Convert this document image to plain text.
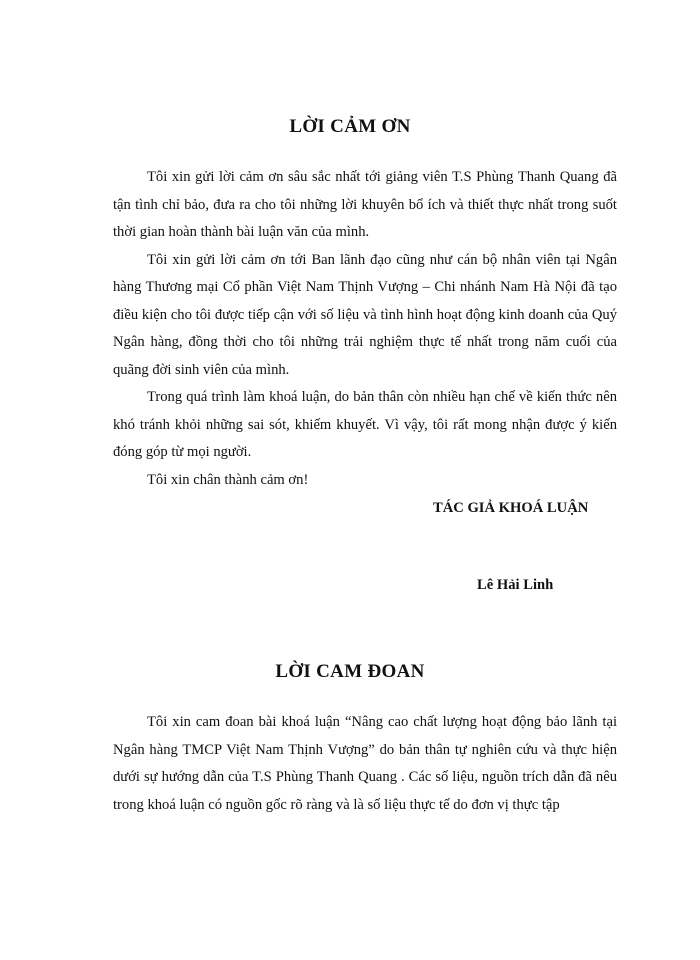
LỜI CẢM ƠN

Tôi xin gửi lời cảm ơn sâu sắc nhất tới giảng viên T.S Phùng Thanh Quang đã tận tình chỉ bảo, đưa ra cho tôi những lời khuyên bổ ích và thiết thực nhất trong suốt thời gian hoàn thành bài luận văn của mình.

Tôi xin gửi lời cảm ơn tới Ban lãnh đạo cũng như cán bộ nhân viên tại Ngân hàng Thương mại Cổ phần Việt Nam Thịnh Vượng – Chi nhánh Nam Hà Nội đã tạo điều kiện cho tôi được tiếp cận với số liệu và tình hình hoạt động kinh doanh của Quý Ngân hàng, đồng thời cho tôi những trải nghiệm thực tế nhất trong năm cuối của quãng đời sinh viên của mình.

Trong quá trình làm khoá luận, do bản thân còn nhiều hạn chế về kiến thức nên khó tránh khỏi những sai sót, khiếm khuyết. Vì vậy, tôi rất mong nhận được ý kiến đóng góp từ mọi người.

Tôi xin chân thành cảm ơn!

TÁC GIẢ KHOÁ LUẬN

Lê Hải Linh

LỜI CAM ĐOAN

Tôi xin cam đoan bài khoá luận “Nâng cao chất lượng hoạt động bảo lãnh tại Ngân hàng TMCP Việt Nam Thịnh Vượng” do bản thân tự nghiên cứu và thực hiện dưới sự hướng dẫn của T.S Phùng Thanh Quang . Các số liệu, nguồn trích dẫn đã nêu trong khoá luận có nguồn gốc rõ ràng và là số liệu thực tế do đơn vị thực tập
